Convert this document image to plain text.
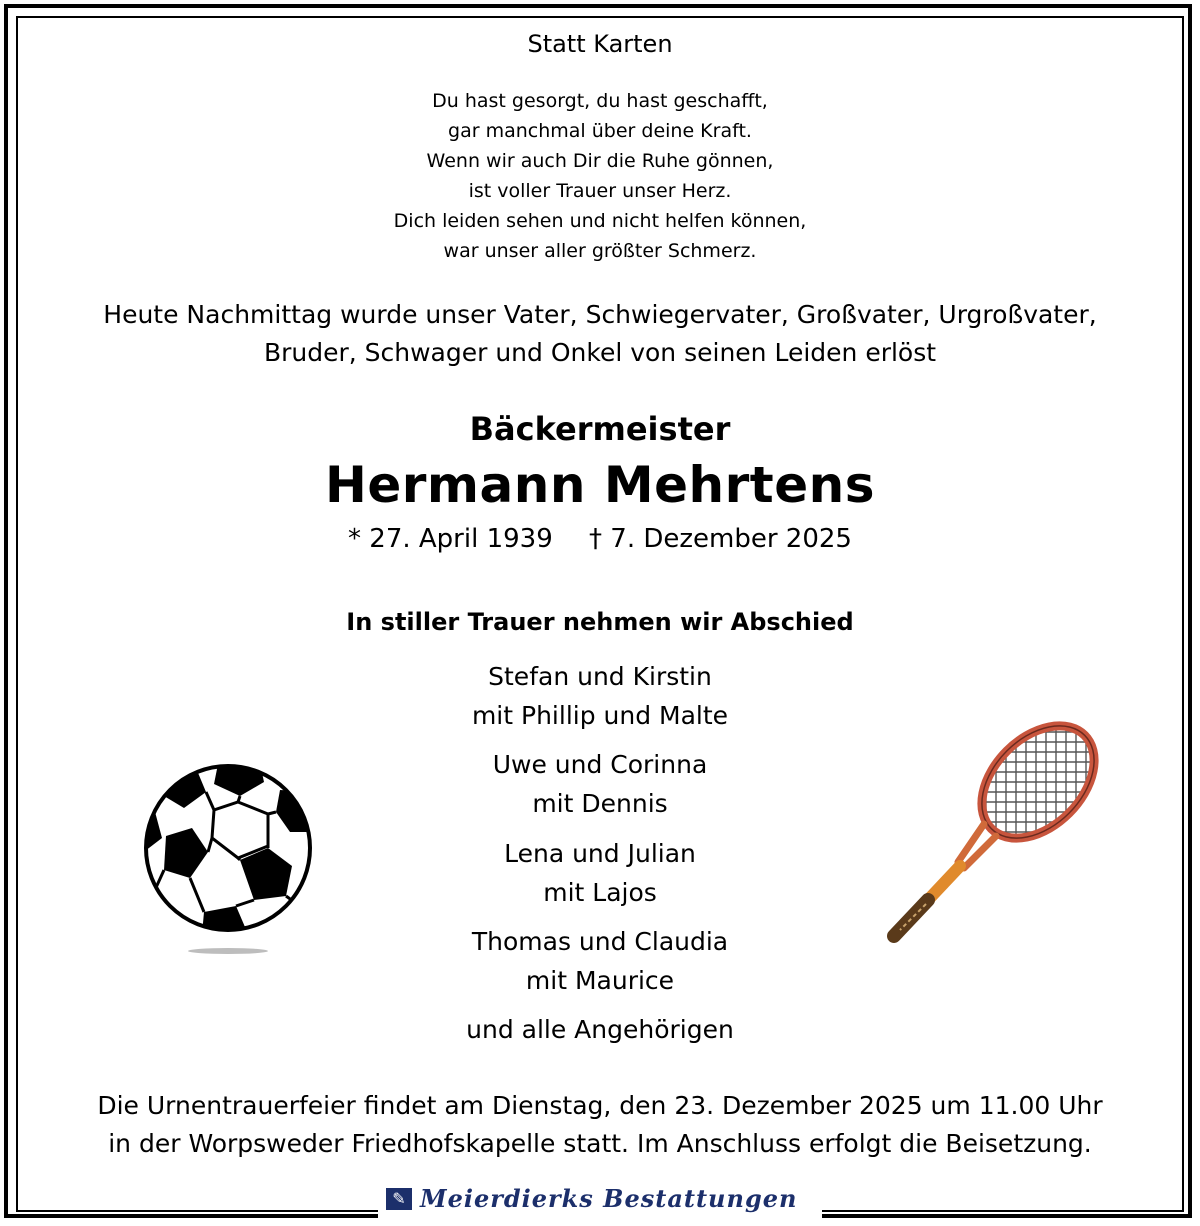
Statt Karten
Du hast gesorgt, du hast geschafft,
gar manchmal über deine Kraft.
Wenn wir auch Dir die Ruhe gönnen,
ist voller Trauer unser Herz.
Dich leiden sehen und nicht helfen können,
war unser aller größter Schmerz.
Heute Nachmittag wurde unser Vater, Schwiegervater, Großvater, Urgroßvater,
Bruder, Schwager und Onkel von seinen Leiden erlöst
Bäckermeister
Hermann Mehrtens
* 27. April 1939 † 7. Dezember 2025
In stiller Trauer nehmen wir Abschied
Stefan und Kirstin
mit Phillip und Malte
Uwe und Corinna
mit Dennis
Lena und Julian
mit Lajos
Thomas und Claudia
mit Maurice
und alle Angehörigen
Die Urnentrauerfeier findet am Dienstag, den 23. Dezember 2025 um 11.00 Uhr
in der Worpsweder Friedhofskapelle statt. Im Anschluss erfolgt die Beisetzung.
✎ Meierdierks Bestattungen
